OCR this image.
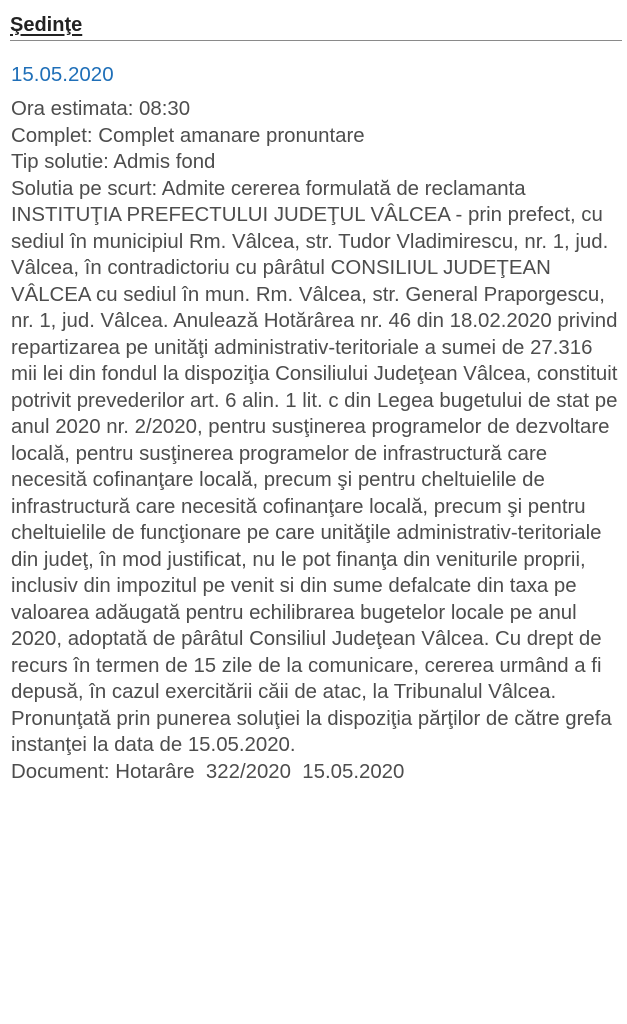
Şedinţe
15.05.2020

Ora estimata: 08:30

Complet: Complet amanare pronuntare

Tip solutie: Admis fond

Solutia pe scurt: Admite cererea formulată de reclamanta INSTITUŢIA PREFECTULUI JUDEŢUL VÂLCEA - prin prefect, cu sediul în municipiul Rm. Vâlcea, str. Tudor Vladimirescu, nr. 1, jud. Vâlcea, în contradictoriu cu pârâtul CONSILIUL JUDEŢEAN VÂLCEA cu sediul în mun. Rm. Vâlcea, str. General Praporgescu, nr. 1, jud. Vâlcea. Anulează Hotărârea nr. 46 din 18.02.2020 privind repartizarea pe unităţi administrativ-teritoriale a sumei de 27.316 mii lei din fondul la dispoziţia Consiliului Judeţean Vâlcea, constituit potrivit prevederilor art. 6 alin. 1 lit. c din Legea bugetului de stat pe anul 2020 nr. 2/2020, pentru susţinerea programelor de dezvoltare locală, pentru susţinerea programelor de infrastructură care necesită cofinanţare locală, precum şi pentru cheltuielile de infrastructură care necesită cofinanţare locală, precum şi pentru cheltuielile de funcţionare pe care unităţile administrativ-teritoriale din judeţ, în mod justificat, nu le pot finanţa din veniturile proprii, inclusiv din impozitul pe venit si din sume defalcate din taxa pe valoarea adăugată pentru echilibrarea bugetelor locale pe anul 2020, adoptată de pârâtul Consiliul Judeţean Vâlcea. Cu drept de recurs în termen de 15 zile de la comunicare, cererea urmând a fi depusă, în cazul exercitării căii de atac, la Tribunalul Vâlcea. Pronunţată prin punerea soluţiei la dispoziţia părţilor de către grefa instanţei la data de 15.05.2020.

Document: Hotarâre  322/2020  15.05.2020
